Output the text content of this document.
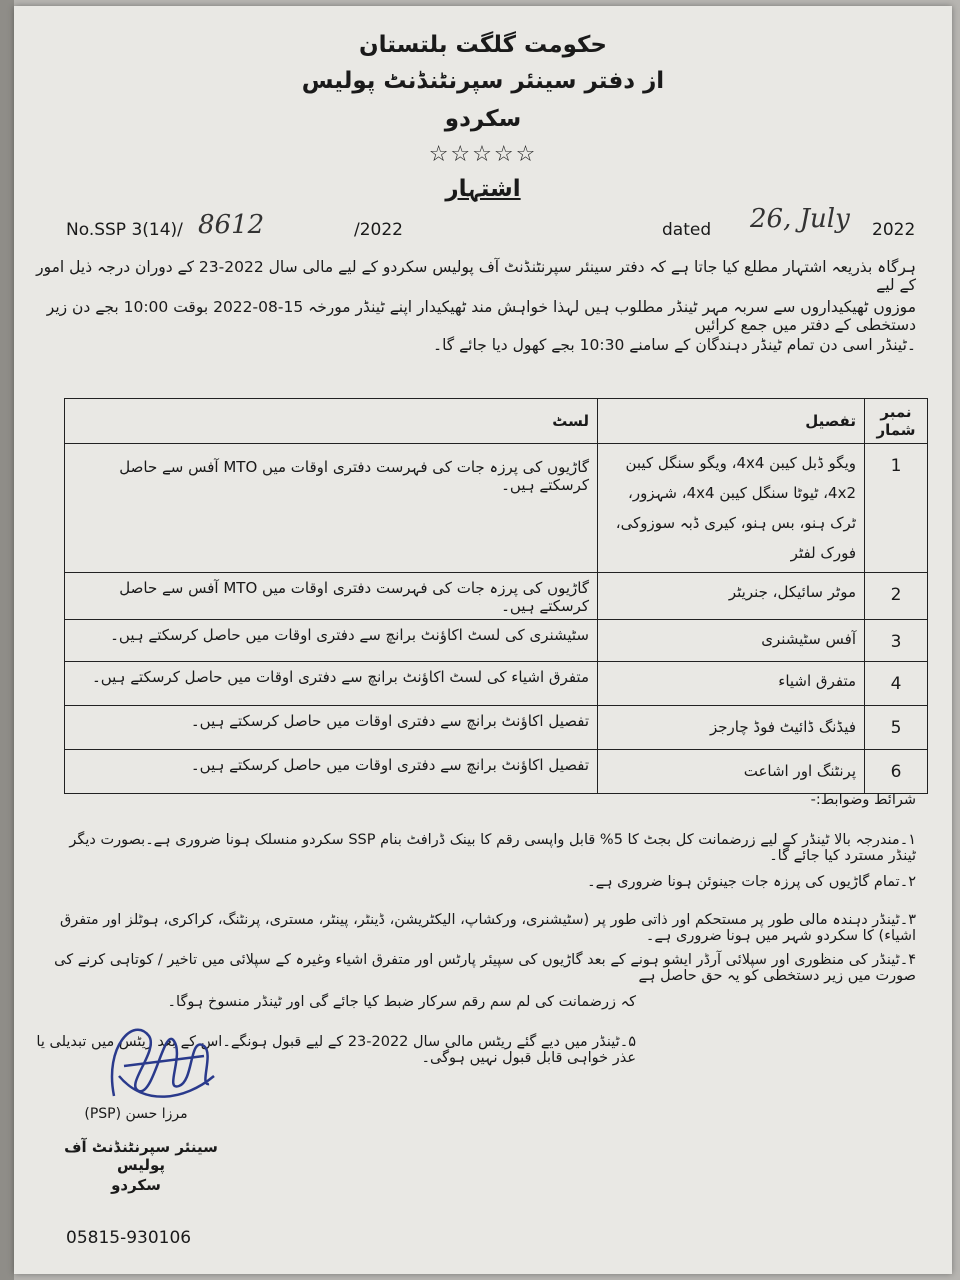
حکومت گلگت بلتستان
از دفتر سینئر سپرنٹنڈنٹ پولیس
سکردو
☆☆☆☆☆
اشتہار
No.SSP 3(14)/ 8612	/2022	dated 26, July 2022
ہرگاہ بذریعہ اشتہار مطلع کیا جاتا ہے کہ دفتر سینئر سپرنٹنڈنٹ آف پولیس سکردو کے لیے مالی سال 2022-23 کے دوران درجہ ذیل امور کے لیے
موزوں ٹھیکیداروں سے سربہ مہر ٹینڈر مطلوب ہیں لہذا خواہش مند ٹھیکیدار اپنے ٹینڈر مورخہ 15-08-2022 بوقت 10:00 بجے دن زیر دستخطی کے دفتر میں جمع کرائیں
۔ٹینڈر اسی دن تمام ٹینڈر دہندگان کے سامنے 10:30 بجے کھول دیا جائے گا۔
نمبر شمار	تفصیل	لسٹ

1	ویگو ڈبل کیبن 4x4، ویگو سنگل کیبن 4x2، ٹیوٹا سنگل کیبن 4x4، شہزور، ٹرک ہنو، بس ہنو، کیری ڈبہ سوزوکی، فورک لفٹر	گاڑیوں کی پرزہ جات کی فہرست دفتری اوقات میں MTO آفس سے حاصل کرسکتے ہیں۔

2	موٹر سائیکل، جنریٹر	گاڑیوں کی پرزہ جات کی فہرست دفتری اوقات میں MTO آفس سے حاصل کرسکتے ہیں۔

3	آفس سٹیشنری	سٹیشنری کی لسٹ اکاؤنٹ برانچ سے دفتری اوقات میں حاصل کرسکتے ہیں۔

4	متفرق اشیاء	متفرق اشیاء کی لسٹ اکاؤنٹ برانچ سے دفتری اوقات میں حاصل کرسکتے ہیں۔

5	فیڈنگ ڈائیٹ فوڈ چارجز	تفصیل اکاؤنٹ برانچ سے دفتری اوقات میں حاصل کرسکتے ہیں۔

6	پرنٹنگ اور اشاعت	تفصیل اکاؤنٹ برانچ سے دفتری اوقات میں حاصل کرسکتے ہیں۔
شرائط وضوابط:-
۱۔مندرجہ بالا ٹینڈر کے لیے زرضمانت کل بجٹ کا 5% قابل واپسی رقم کا بینک ڈرافٹ بنام SSP سکردو منسلک ہونا ضروری ہے۔بصورت دیگر ٹینڈر مسترد کیا جائے گا۔
۲۔تمام گاڑیوں کی پرزہ جات جینوئن ہونا ضروری ہے۔
۳۔ٹینڈر دہندہ مالی طور پر مستحکم اور ذاتی طور پر (سٹیشنری، ورکشاپ، الیکٹریشن، ڈینٹر، پینٹر، مستری، پرنٹنگ، کراکری، ہوٹلز اور متفرق اشیاء) کا سکردو شہر میں ہونا ضروری ہے۔
۴۔ٹینڈر کی منظوری اور سپلائی آرڈر ایشو ہونے کے بعد گاڑیوں کی سپیئر پارٹس اور متفرق اشیاء وغیرہ کے سپلائی میں تاخیر / کوتاہی کرنے کی صورت میں زیر دستخطی کو یہ حق حاصل ہے
کہ زرضمانت کی لم سم رقم سرکار ضبط کیا جائے گی اور ٹینڈر منسوخ ہوگا۔
۵۔ٹینڈر میں دیے گئے ریٹس مالی سال 2022-23 کے لیے قبول ہونگے۔اس کے بعد ریٹس میں تبدیلی یا عذر خواہی قابل قبول نہیں ہوگی۔
مرزا حسن (PSP)
سینئر سپرنٹنڈنٹ آف پولیس
سکردو
05815-930106
